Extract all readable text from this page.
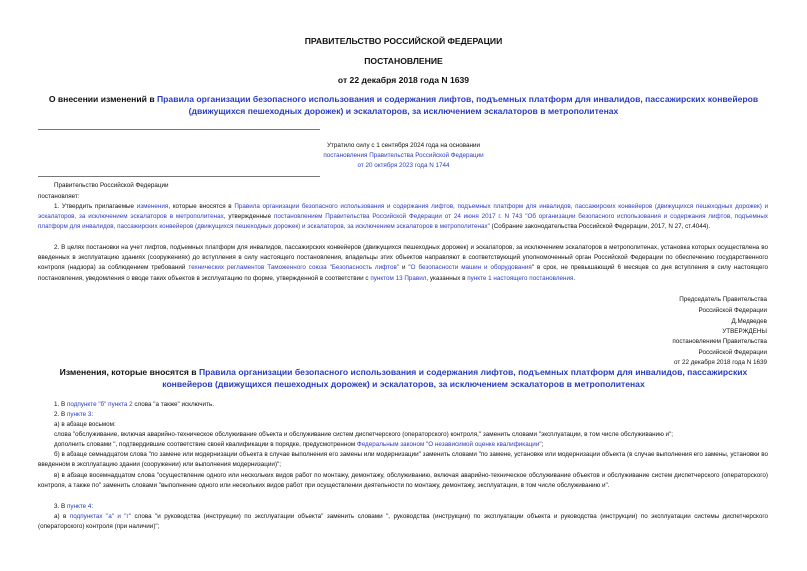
ПРАВИТЕЛЬСТВО РОССИЙСКОЙ ФЕДЕРАЦИИ

ПОСТАНОВЛЕНИЕ

от 22 декабря 2018 года N 1639

О внесении изменений в Правила организации безопасного использования и содержания лифтов, подъемных платформ для инвалидов, пассажирских конвейеров (движущихся пешеходных дорожек) и эскалаторов, за исключением эскалаторов в метрополитенах

Утратило силу с 1 сентября 2024 года на основании
постановления Правительства Российской Федерации
от 20 октября 2023 года N 1744

Правительство Российской Федерации

постановляет:

1. Утвердить прилагаемые изменения, которые вносятся в Правила организации безопасного использования и содержания лифтов, подъемных платформ для инвалидов, пассажирских конвейеров (движущихся пешеходных дорожек) и эскалаторов, за исключением эскалаторов в метрополитенах, утвержденные постановлением Правительства Российской Федерации от 24 июня 2017 г. N 743 "Об организации безопасного использования и содержания лифтов, подъемных платформ для инвалидов, пассажирских конвейеров (движущихся пешеходных дорожек) и эскалаторов, за исключением эскалаторов в метрополитенах" (Собрание законодательства Российской Федерации, 2017, N 27, ст.4044).

2. В целях постановки на учет лифтов, подъемных платформ для инвалидов, пассажирских конвейеров (движущихся пешеходных дорожек) и эскалаторов, за исключением эскалаторов в метрополитенах, установка которых осуществлена во введенных в эксплуатацию зданиях (сооружениях) до вступления в силу настоящего постановления, владельцы этих объектов направляют в соответствующий уполномоченный орган Российской Федерации по обеспечению государственного контроля (надзора) за соблюдением требований технических регламентов Таможенного союза "Безопасность лифтов" и "О безопасности машин и оборудования" в срок, не превышающий 6 месяцев со дня вступления в силу настоящего постановления, уведомления о вводе таких объектов в эксплуатацию по форме, утвержденной в соответствии с пунктом 13 Правил, указанных в пункте 1 настоящего постановления.

Председатель Правительства
Российской Федерации
Д.Медведев
УТВЕРЖДЕНЫ
постановлением Правительства
Российской Федерации
от 22 декабря 2018 года N 1639

Изменения, которые вносятся в Правила организации безопасного использования и содержания лифтов, подъемных платформ для инвалидов, пассажирских конвейеров (движущихся пешеходных дорожек) и эскалаторов, за исключением эскалаторов в метрополитенах

1. В подпункте "б" пункта 2 слова "а также" исключить.

2. В пункте 3:

а) в абзаце восьмом:

слова "обслуживание, включая аварийно-техническое обслуживание объекта и обслуживание систем диспетчерского (операторского) контроля," заменить словами "эксплуатации, в том числе обслуживанию и";

дополнить словами ", подтвердившие соответствие своей квалификации в порядке, предусмотренном Федеральным законом "О независимой оценке квалификации";

б) в абзаце семнадцатом слова "по замене или модернизации объекта в случае выполнения его замены или модернизации" заменить словами "по замене, установке или модернизации объекта (в случае выполнения его замены, установки во введенном в эксплуатацию здании (сооружении) или выполнения модернизации)";

в) в абзаце восемнадцатом слова "осуществление одного или нескольких видов работ по монтажу, демонтажу, обслуживанию, включая аварийно-техническое обслуживание объектов и обслуживание систем диспетчерского (операторского) контроля, а также по" заменить словами "выполнение одного или нескольких видов работ при осуществлении деятельности по монтажу, демонтажу, эксплуатации, в том числе обслуживанию и".

3. В пункте 4:

а) в подпунктах "а" и "г" слова "и руководства (инструкции) по эксплуатации объекта" заменить словами ", руководства (инструкции) по эксплуатации объекта и руководства (инструкции) по эксплуатации системы диспетчерского (операторского) контроля (при наличии)";
